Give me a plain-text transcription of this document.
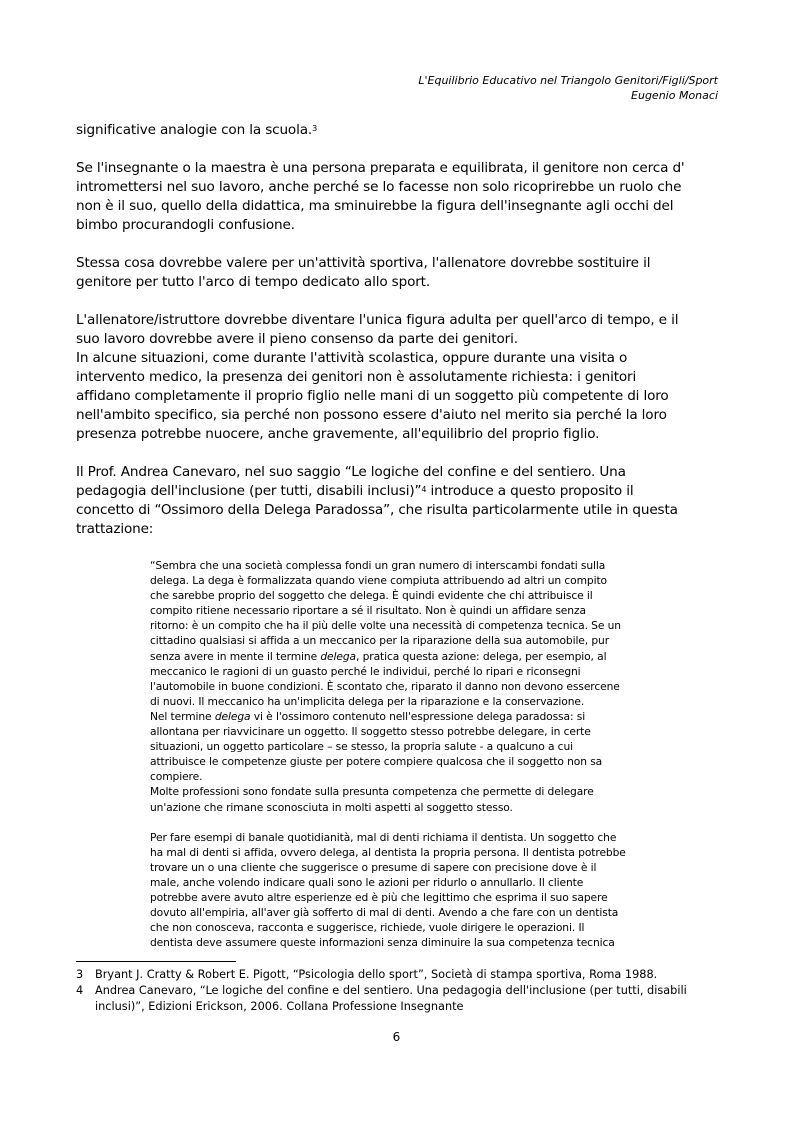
L'Equilibrio Educativo nel Triangolo Genitori/Figli/Sport
Eugenio Monaci

significative analogie con la scuola.$^3$

Se l'insegnante o la maestra è una persona preparata e equilibrata, il genitore non cerca d'
intromettersi nel suo lavoro, anche perché se lo facesse non solo ricoprirebbe un ruolo che
non è il suo, quello della didattica, ma sminuirebbe la figura dell'insegnante agli occhi del
bimbo procurandogli confusione.

Stessa cosa dovrebbe valere per un'attività sportiva, l'allenatore dovrebbe sostituire il
genitore per tutto l'arco di tempo dedicato allo sport.

L'allenatore/istruttore dovrebbe diventare l'unica figura adulta per quell'arco di tempo, e il
suo lavoro dovrebbe avere il pieno consenso da parte dei genitori.

In alcune situazioni, come durante l'attività scolastica, oppure durante una visita o
intervento medico, la presenza dei genitori non è assolutamente richiesta: i genitori
affidano completamente il proprio figlio nelle mani di un soggetto più competente di loro
nell'ambito specifico, sia perché non possono essere d'aiuto nel merito sia perché la loro
presenza potrebbe nuocere, anche gravemente, all'equilibrio del proprio figlio.

Il Prof. Andrea Canevaro, nel suo saggio “Le logiche del confine e del sentiero. Una
pedagogia dell'inclusione (per tutti, disabili inclusi)”$^4$ introduce a questo proposito il
concetto di “Ossimoro della Delega Paradossa”, che risulta particolarmente utile in questa
trattazione:

“Sembra che una società complessa fondi un gran numero di interscambi fondati sulla
delega. La dega è formalizzata quando viene compiuta attribuendo ad altri un compito
che sarebbe proprio del soggetto che delega. È quindi evidente che chi attribuisce il
compito ritiene necessario riportare a sé il risultato. Non è quindi un affidare senza
ritorno: è un compito che ha il più delle volte una necessità di competenza tecnica. Se un
cittadino qualsiasi si affida a un meccanico per la riparazione della sua automobile, pur
senza avere in mente il termine delega, pratica questa azione: delega, per esempio, al
meccanico le ragioni di un guasto perché le individui, perché lo ripari e riconsegni
l'automobile in buone condizioni. È scontato che, riparato il danno non devono essercene
di nuovi. Il meccanico ha un'implicita delega per la riparazione e la conservazione.
Nel termine delega vi è l'ossimoro contenuto nell'espressione delega paradossa: si
allontana per riavvicinare un oggetto. Il soggetto stesso potrebbe delegare, in certe
situazioni, un oggetto particolare – se stesso, la propria salute - a qualcuno a cui
attribuisce le competenze giuste per potere compiere qualcosa che il soggetto non sa
compiere.
Molte professioni sono fondate sulla presunta competenza che permette di delegare
un'azione che rimane sconosciuta in molti aspetti al soggetto stesso.
Per fare esempi di banale quotidianità, mal di denti richiama il dentista. Un soggetto che
ha mal di denti si affida, ovvero delega, al dentista la propria persona. Il dentista potrebbe
trovare un o una cliente che suggerisce o presume di sapere con precisione dove è il
male, anche volendo indicare quali sono le azioni per ridurlo o annullarlo. Il cliente
potrebbe avere avuto altre esperienze ed è più che legittimo che esprima il suo sapere
dovuto all'empiria, all'aver già sofferto di mal di denti. Avendo a che fare con un dentista
che non conosceva, racconta e suggerisce, richiede, vuole dirigere le operazioni. Il
dentista deve assumere queste informazioni senza diminuire la sua competenza tecnica
3	Bryant J. Cratty & Robert E. Pigott, “Psicologia dello sport”, Società di stampa sportiva, Roma 1988.
4	Andrea Canevaro, “Le logiche del confine e del sentiero. Una pedagogia dell'inclusione (per tutti, disabili
inclusi)”, Edizioni Erickson, 2006. Collana Professione Insegnante
6
